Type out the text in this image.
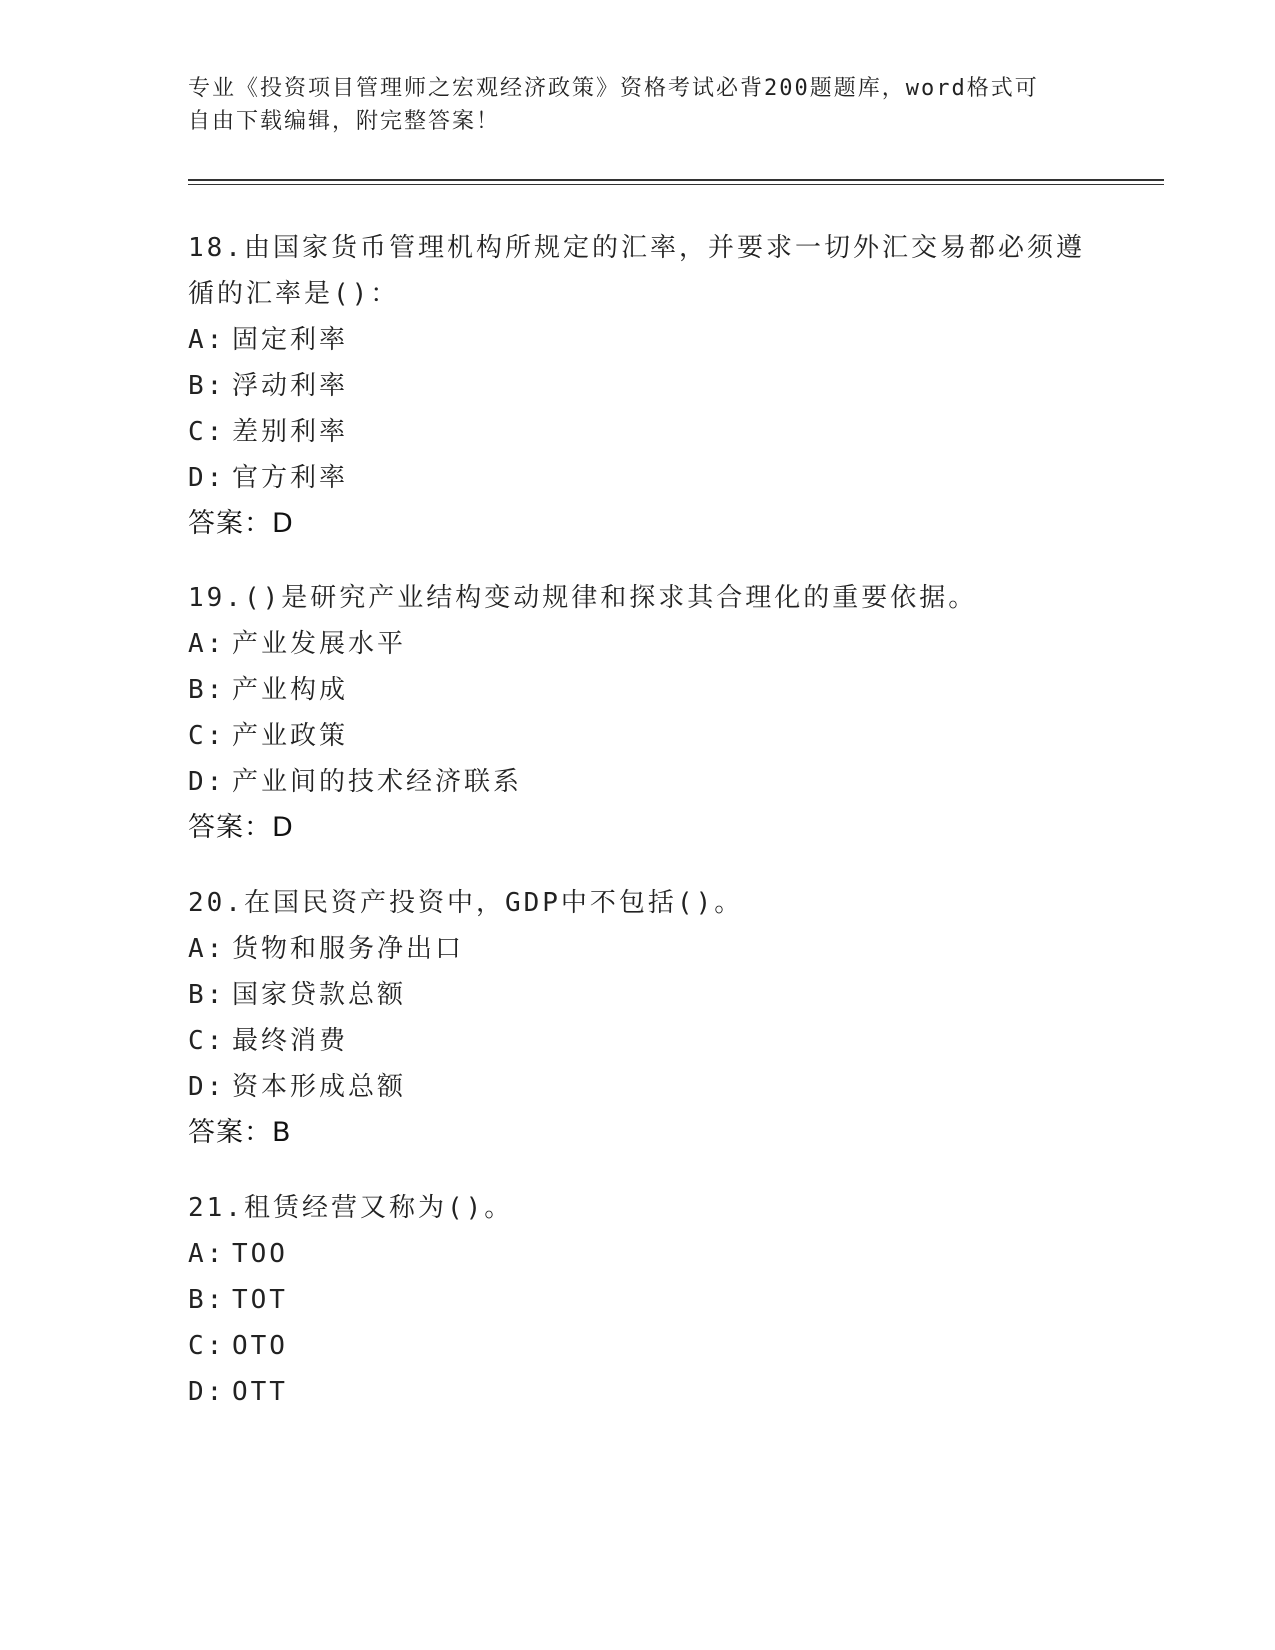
专业《投资项目管理师之宏观经济政策》资格考试必背200题题库，word格式可
自由下载编辑，附完整答案！
18.由国家货币管理机构所规定的汇率，并要求一切外汇交易都必须遵
循的汇率是()：
A: 固定利率
B: 浮动利率
C: 差别利率
D: 官方利率
答案：D
19.()是研究产业结构变动规律和探求其合理化的重要依据。
A: 产业发展水平
B: 产业构成
C: 产业政策
D: 产业间的技术经济联系
答案：D
20.在国民资产投资中，GDP中不包括()。
A: 货物和服务净出口
B: 国家贷款总额
C: 最终消费
D: 资本形成总额
答案：B
21.租赁经营又称为()。
A: TOO
B: TOT
C: OTO
D: OTT
